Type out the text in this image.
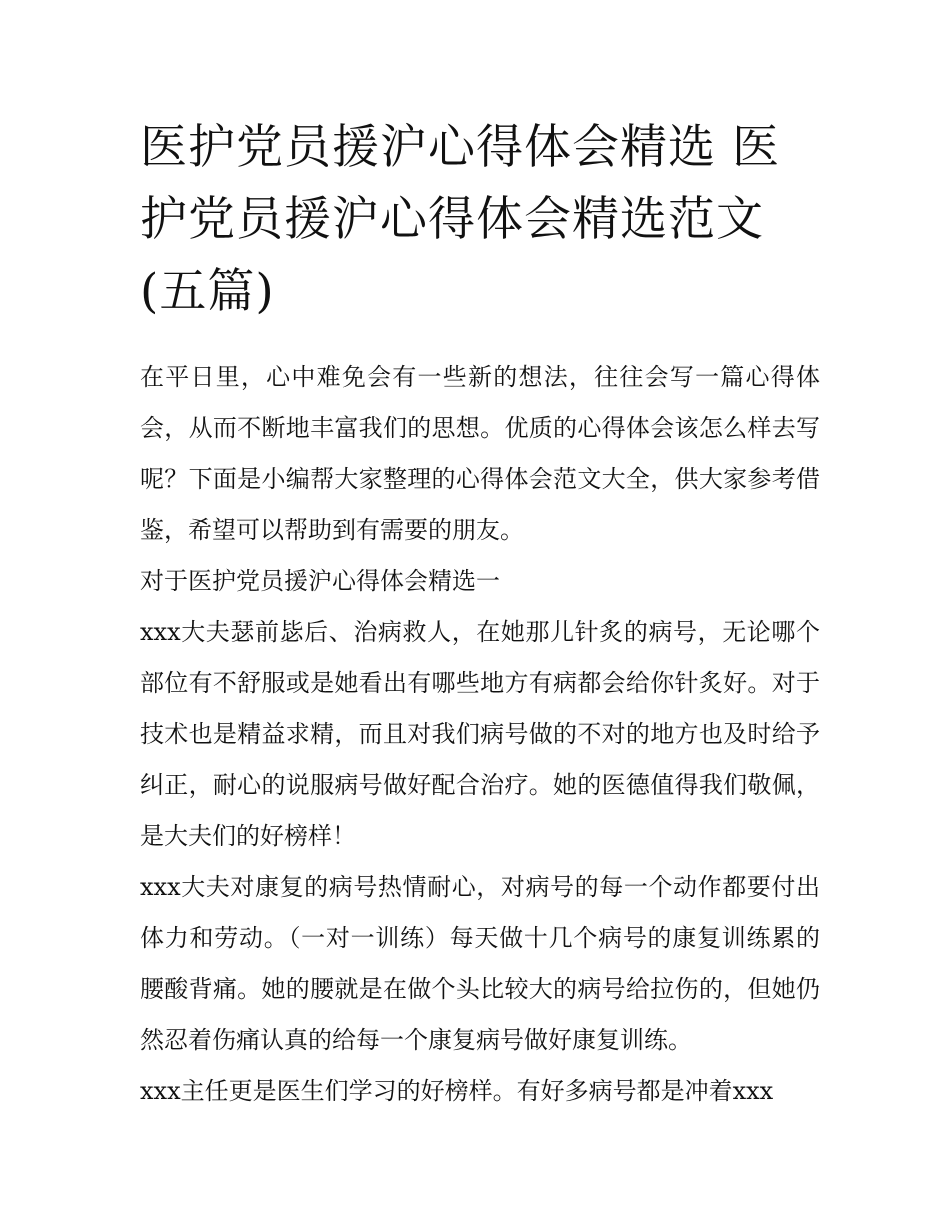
医护党员援沪心得体会精选 医护党员援沪心得体会精选范文(五篇)

在平日里，心中难免会有一些新的想法，往往会写一篇心得体会，从而不断地丰富我们的思想。优质的心得体会该怎么样去写呢？下面是小编帮大家整理的心得体会范文大全，供大家参考借鉴，希望可以帮助到有需要的朋友。

对于医护党员援沪心得体会精选一

xxx大夫瑟前毖后、治病救人，在她那儿针炙的病号，无论哪个部位有不舒服或是她看出有哪些地方有病都会给你针炙好。对于技术也是精益求精，而且对我们病号做的不对的地方也及时给予纠正，耐心的说服病号做好配合治疗。她的医德值得我们敬佩，是大夫们的好榜样！

xxx大夫对康复的病号热情耐心，对病号的每一个动作都要付出体力和劳动。（一对一训练）每天做十几个病号的康复训练累的腰酸背痛。她的腰就是在做个头比较大的病号给拉伤的，但她仍然忍着伤痛认真的给每一个康复病号做好康复训练。

xxx主任更是医生们学习的好榜样。有好多病号都是冲着xxx
